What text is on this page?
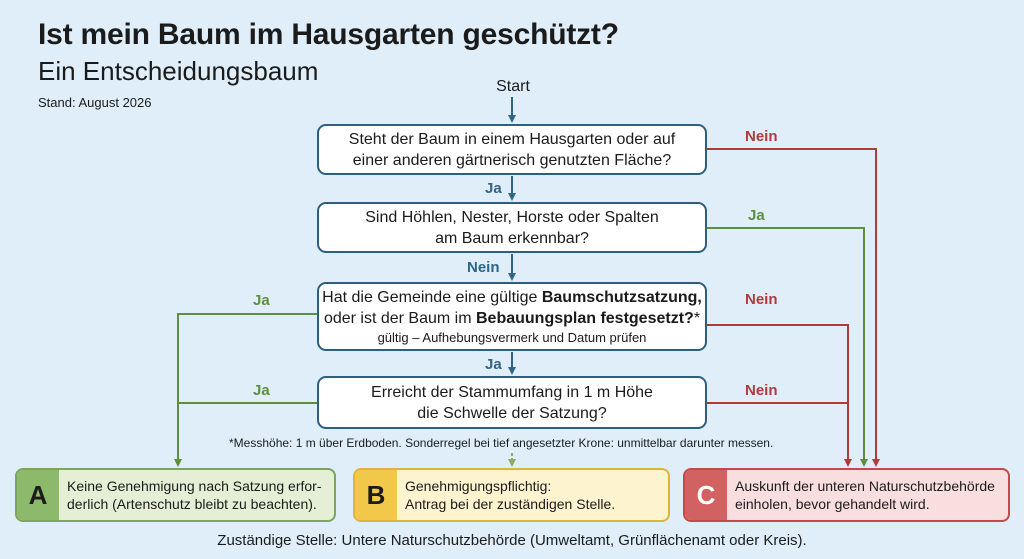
Ist mein Baum im Hausgarten geschützt?
Ein Entscheidungsbaum
Stand: August 2026
Start
Steht der Baum in einem Hausgarten oder auf
einer anderen gärtnerisch genutzten Fläche?
Sind Höhlen, Nester, Horste oder Spalten
am Baum erkennbar?
Hat die Gemeinde eine gültige Baumschutzsatzung,
oder ist der Baum im Bebauungsplan festgesetzt?*
gültig – Aufhebungsvermerk und Datum prüfen
Erreicht der Stammumfang in 1 m Höhe
die Schwelle der Satzung?
Nein
Ja
Ja
Nein
Ja	Nein
Ja
Ja	Nein
*Messhöhe: 1 m über Erdboden. Sonderregel bei tief angesetzter Krone: unmittelbar darunter messen.
A	Keine Genehmigung nach Satzung erfor-
derlich (Artenschutz bleibt zu beachten).	B	Genehmigungspflichtig:
Antrag bei der zuständigen Stelle.	C	Auskunft der unteren Naturschutzbehörde
einholen, bevor gehandelt wird.
Zuständige Stelle: Untere Naturschutzbehörde (Umweltamt, Grünflächenamt oder Kreis).
